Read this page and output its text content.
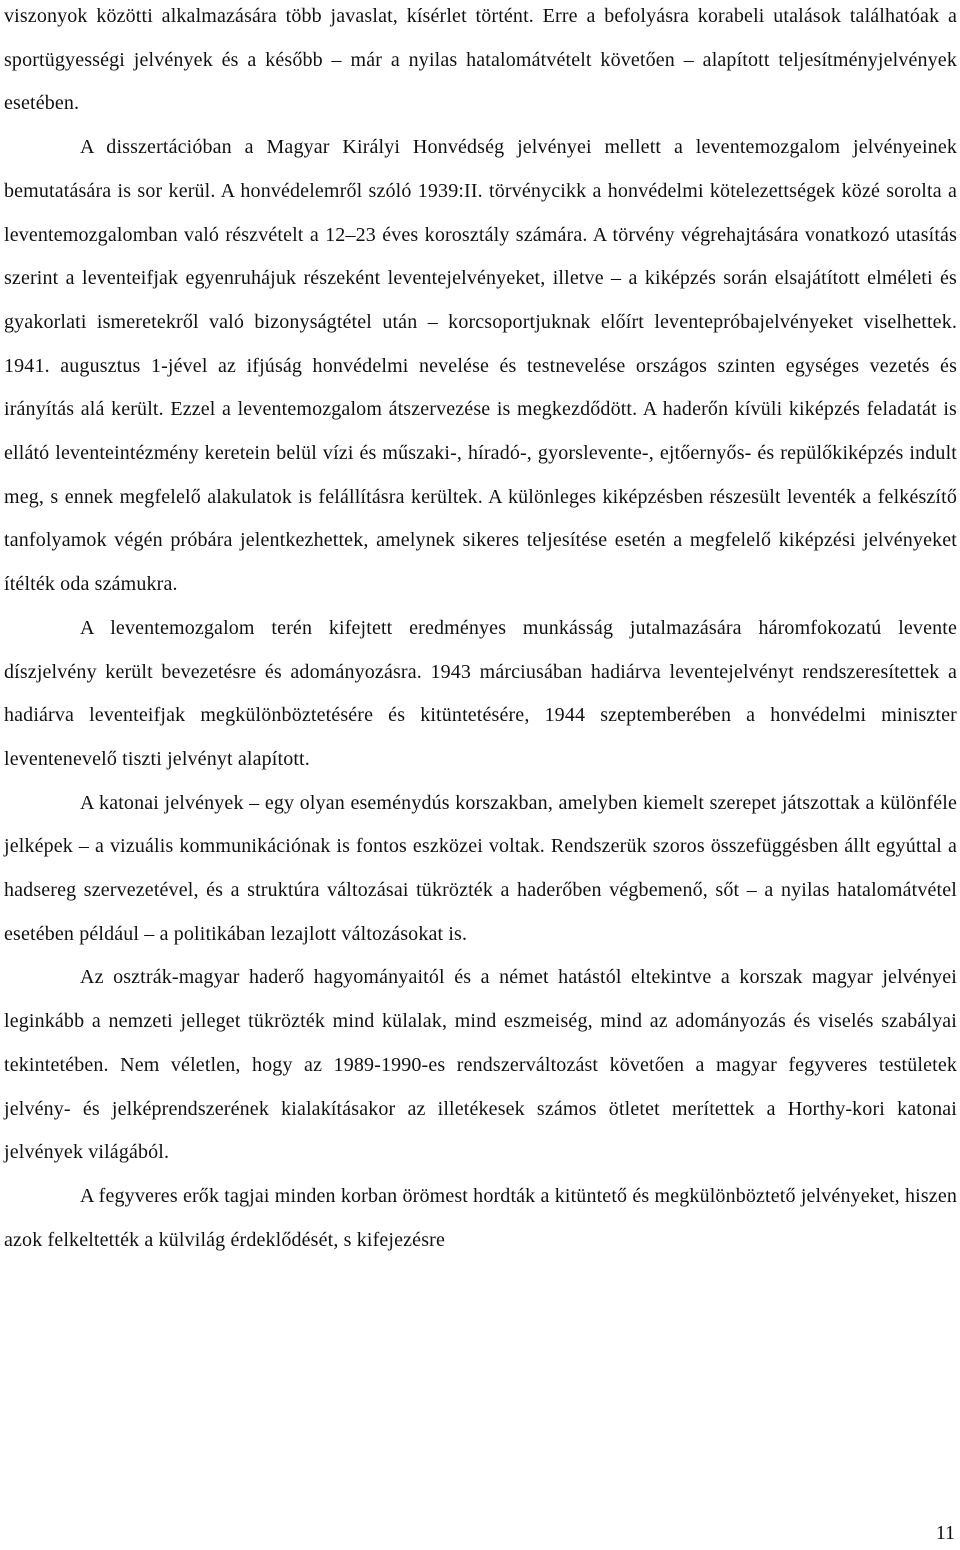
viszonyok közötti alkalmazására több javaslat, kísérlet történt. Erre a befolyásra korabeli utalások találhatóak a sportügyességi jelvények és a később – már a nyilas hatalomátvételt követően – alapított teljesítményjelvények esetében.

A disszertációban a Magyar Királyi Honvédség jelvényei mellett a leventemozgalom jelvényeinek bemutatására is sor kerül. A honvédelemről szóló 1939:II. törvénycikk a honvédelmi kötelezettségek közé sorolta a leventemozgalomban való részvételt a 12–23 éves korosztály számára. A törvény végrehajtására vonatkozó utasítás szerint a leventeifjak egyenruhájuk részeként leventejelvényeket, illetve – a kiképzés során elsajátított elméleti és gyakorlati ismeretekről való bizonyságtétel után – korcsoportjuknak előírt leventepróbajelvényeket viselhettek. 1941. augusztus 1-jével az ifjúság honvédelmi nevelése és testnevelése országos szinten egységes vezetés és irányítás alá került. Ezzel a leventemozgalom átszervezése is megkezdődött. A haderőn kívüli kiképzés feladatát is ellátó leventeintézmény keretein belül vízi és műszaki-, híradó-, gyorslevente-, ejtőernyős- és repülőkiképzés indult meg, s ennek megfelelő alakulatok is felállításra kerültek. A különleges kiképzésben részesült leventék a felkészítő tanfolyamok végén próbára jelentkezhettek, amelynek sikeres teljesítése esetén a megfelelő kiképzési jelvényeket ítélték oda számukra.

A leventemozgalom terén kifejtett eredményes munkásság jutalmazására háromfokozatú levente díszjelvény került bevezetésre és adományozásra. 1943 márciusában hadiárva leventejelvényt rendszeresítettek a hadiárva leventeifjak megkülönböztetésére és kitüntetésére, 1944 szeptemberében a honvédelmi miniszter leventenevelő tiszti jelvényt alapított.

A katonai jelvények – egy olyan eseménydús korszakban, amelyben kiemelt szerepet játszottak a különféle jelképek – a vizuális kommunikációnak is fontos eszközei voltak. Rendszerük szoros összefüggésben állt egyúttal a hadsereg szervezetével, és a struktúra változásai tükrözték a haderőben végbemenő, sőt – a nyilas hatalomátvétel esetében például – a politikában lezajlott változásokat is.

Az osztrák-magyar haderő hagyományaitól és a német hatástól eltekintve a korszak magyar jelvényei leginkább a nemzeti jelleget tükrözték mind külalak, mind eszmeiség, mind az adományozás és viselés szabályai tekintetében. Nem véletlen, hogy az 1989-1990-es rendszerváltozást követően a magyar fegyveres testületek jelvény- és jelképrendszerének kialakításakor az illetékesek számos ötletet merítettek a Horthy-kori katonai jelvények világából.

A fegyveres erők tagjai minden korban örömest hordták a kitüntető és megkülönböztető jelvényeket, hiszen azok felkeltették a külvilág érdeklődését, s kifejezésre

11
